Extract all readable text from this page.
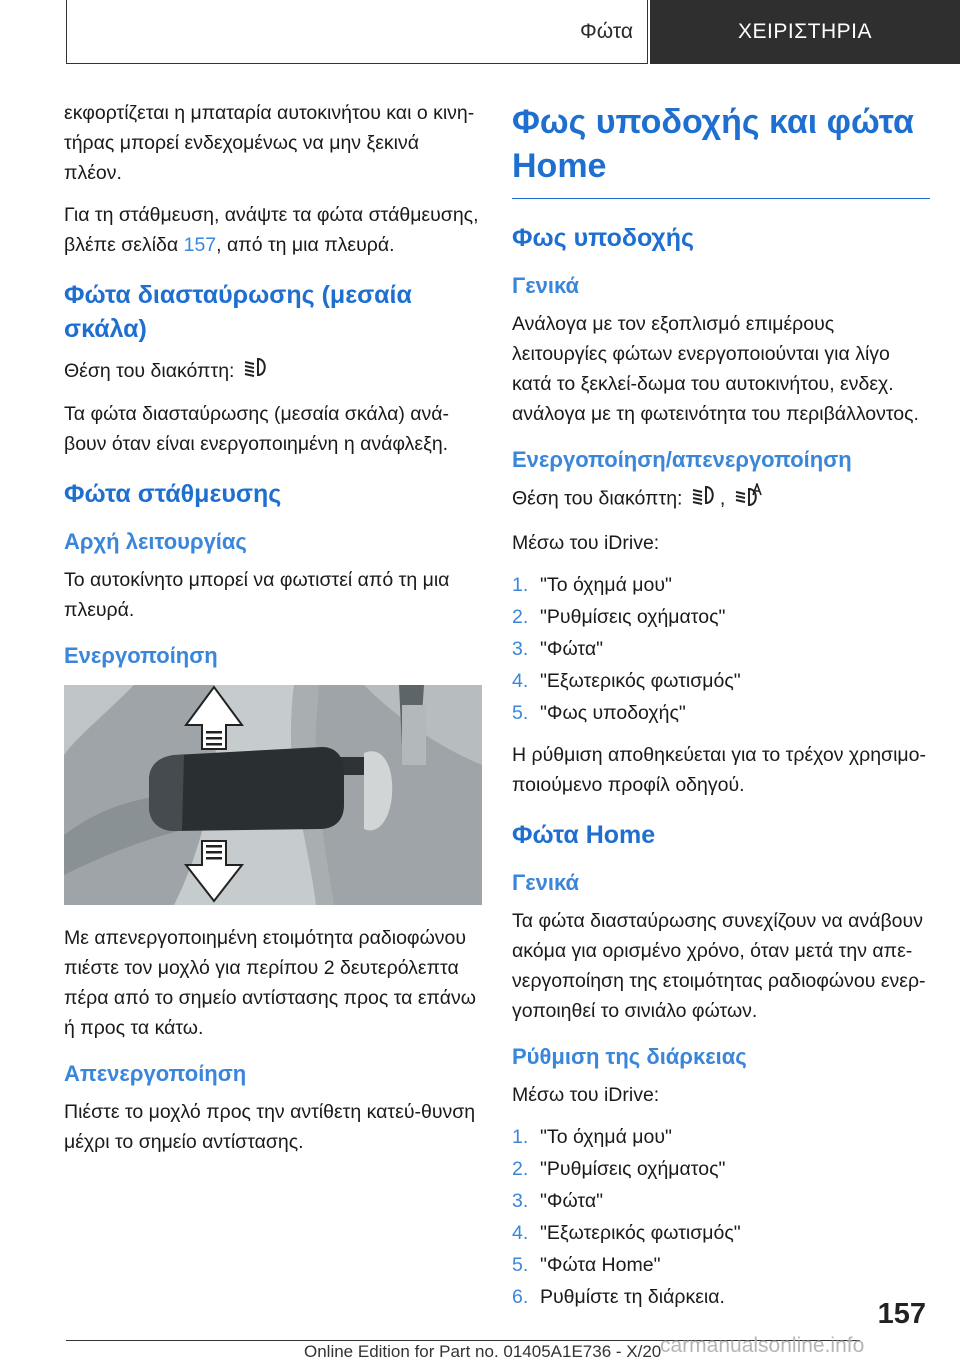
Φώτα	ΧΕΙΡΙΣΤΗΡΙΑ

εκφορτίζεται η μπαταρία αυτοκινήτου και ο κινη-τήρας μπορεί ενδεχομένως να μην ξεκινά πλέον.

Για τη στάθμευση, ανάψτε τα φώτα στάθμευσης, βλέπε σελίδα 157, από τη μια πλευρά.

Φώτα διασταύρωσης (μεσαία σκάλα)

Θέση του διακόπτη:

Τα φώτα διασταύρωσης (μεσαία σκάλα) ανά-βουν όταν είναι ενεργοποιημένη η ανάφλεξη.

Φώτα στάθμευσης
Αρχή λειτουργίας

Το αυτοκίνητο μπορεί να φωτιστεί από τη μια πλευρά.

Ενεργοποίηση

Με απενεργοποιημένη ετοιμότητα ραδιοφώνου πιέστε τον μοχλό για περίπου 2 δευτερόλεπτα πέρα από το σημείο αντίστασης προς τα επάνω ή προς τα κάτω.

Απενεργοποίηση

Πιέστε το μοχλό προς την αντίθετη κατεύ-θυνση μέχρι το σημείο αντίστασης.

Φως υποδοχής και φώτα Home
Φως υποδοχής
Γενικά

Ανάλογα με τον εξοπλισμό επιμέρους λειτουργίες φώτων ενεργοποιούνται για λίγο κατά το ξεκλεί-δωμα του αυτοκινήτου, ενδεχ. ανάλογα με τη φωτεινότητα του περιβάλλοντος.

Ενεργοποίηση/απενεργοποίηση

Θέση του διακόπτη: ,

Μέσω του iDrive:

1. "Το όχημά μου"
2. "Ρυθμίσεις οχήματος"
3. "Φώτα"
4. "Εξωτερικός φωτισμός"
5. "Φως υποδοχής"

Η ρύθμιση αποθηκεύεται για το τρέχον χρησιμο-ποιούμενο προφίλ οδηγού.

Φώτα Home
Γενικά

Τα φώτα διασταύρωσης συνεχίζουν να ανάβουν ακόμα για ορισμένο χρόνο, όταν μετά την απε-νεργοποίηση της ετοιμότητας ραδιοφώνου ενερ-γοποιηθεί το σινιάλο φώτων.

Ρύθμιση της διάρκειας

Μέσω του iDrive:

1. "Το όχημά μου"
2. "Ρυθμίσεις οχήματος"
3. "Φώτα"
4. "Εξωτερικός φωτισμός"
5. "Φώτα Home"
6. Ρυθμίστε τη διάρκεια.
157
Online Edition for Part no. 01405A1E736 - X/20
carmanualsonline.info
